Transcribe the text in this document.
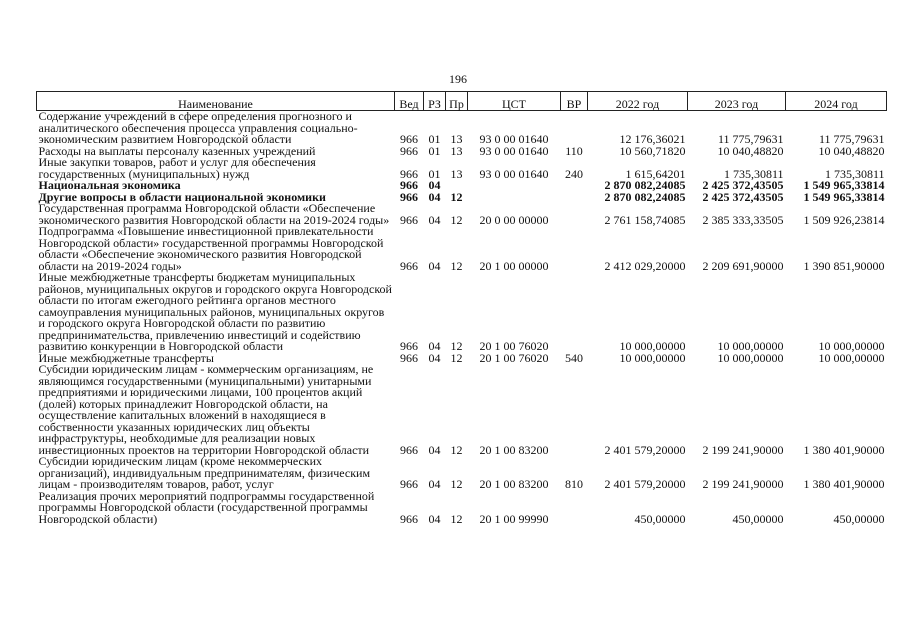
196
Наименование	Вед	РЗ	Пр	ЦСТ	ВР	2022 год	2023 год	2024 год
Содержание учреждений в сфере определения прогнозного и аналитического обеспечения процесса управления социально-экономическим развитием Новгородской области	966	01	13	93 0 00 01640		12 176,36021	11 775,79631	11 775,79631
Расходы на выплаты персоналу казенных учреждений	966	01	13	93 0 00 01640	110	10 560,71820	10 040,48820	10 040,48820
Иные закупки товаров, работ и услуг для обеспечения государственных (муниципальных) нужд	966	01	13	93 0 00 01640	240	1 615,64201	1 735,30811	1 735,30811
Национальная экономика	966	04				2 870 082,24085	2 425 372,43505	1 549 965,33814
Другие вопросы в области национальной экономики	966	04	12			2 870 082,24085	2 425 372,43505	1 549 965,33814
Государственная программа Новгородской области «Обеспечение экономического развития Новгородской области на 2019-2024 годы»	966	04	12	20 0 00 00000		2 761 158,74085	2 385 333,33505	1 509 926,23814
Подпрограмма «Повышение инвестиционной привлекательности Новгородской области» государственной программы Новгородской области «Обеспечение экономического развития Новгородской области на 2019-2024 годы»	966	04	12	20 1 00 00000		2 412 029,20000	2 209 691,90000	1 390 851,90000
Иные межбюджетные трансферты бюджетам муниципальных районов, муниципальных округов и городского округа Новгородской области по итогам ежегодного рейтинга органов местного самоуправления муниципальных районов, муниципальных округов и городского округа Новгородской области по развитию предпринимательства, привлечению инвестиций и содействию развитию конкуренции в Новгородской области	966	04	12	20 1 00 76020		10 000,00000	10 000,00000	10 000,00000
Иные межбюджетные трансферты	966	04	12	20 1 00 76020	540	10 000,00000	10 000,00000	10 000,00000
Субсидии юридическим лицам - коммерческим организациям, не являющимся государственными (муниципальными) унитарными предприятиями и юридическими лицами, 100 процентов акций (долей) которых принадлежит Новгородской области, на осуществление капитальных вложений в находящиеся в собственности указанных юридических лиц объекты инфраструктуры, необходимые для реализации новых инвестиционных проектов на территории Новгородской области	966	04	12	20 1 00 83200		2 401 579,20000	2 199 241,90000	1 380 401,90000
Субсидии юридическим лицам (кроме некоммерческих организаций), индивидуальным предпринимателям, физическим лицам - производителям товаров, работ, услуг	966	04	12	20 1 00 83200	810	2 401 579,20000	2 199 241,90000	1 380 401,90000
Реализация прочих мероприятий подпрограммы государственной программы Новгородской области (государственной программы Новгородской области)	966	04	12	20 1 00 99990		450,00000	450,00000	450,00000
